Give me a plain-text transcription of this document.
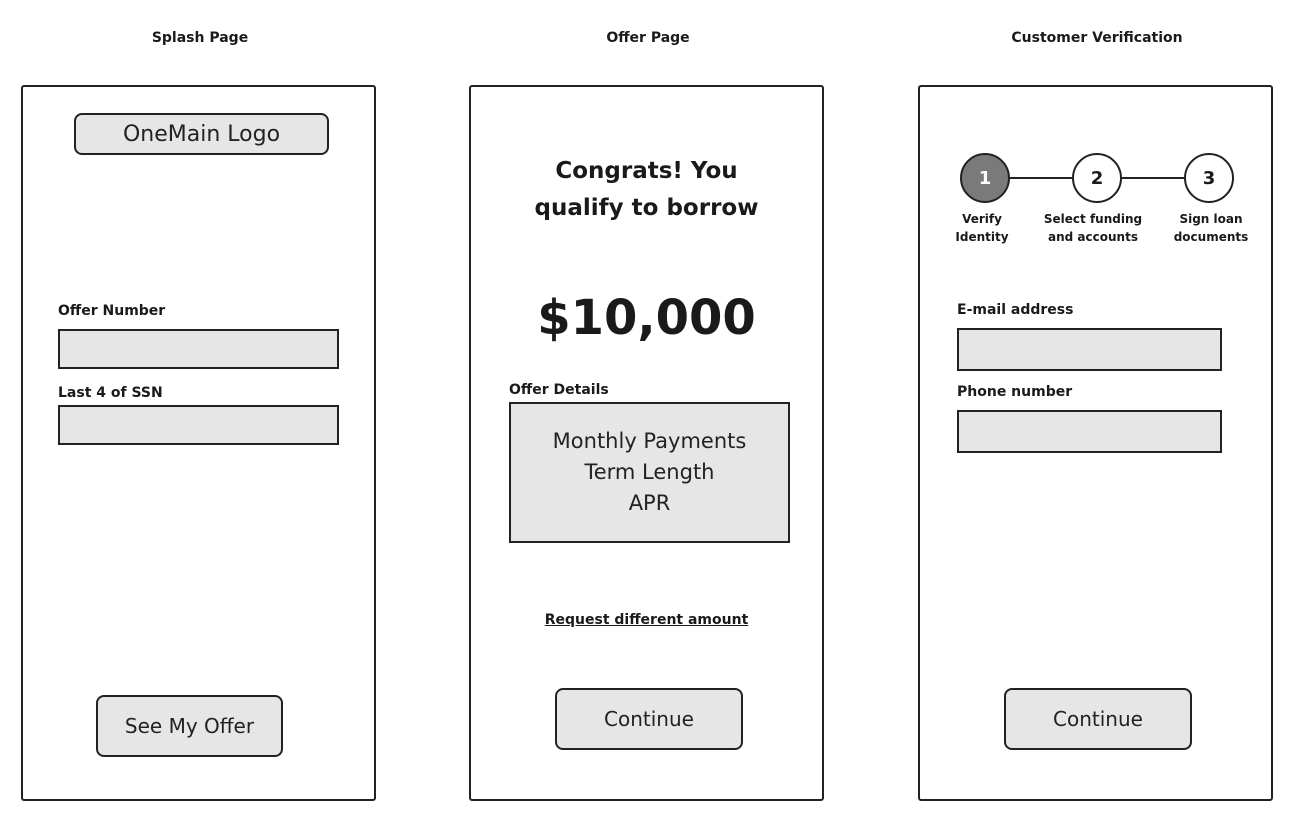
Splash Page	Offer Page	Customer Verification
OneMain Logo
Offer Number
Last 4 of SSN
See My Offer
Congrats! You
qualify to borrow
$10,000
Offer Details
Monthly Payments
Term Length
APR
Request different amount
Continue
1	2	3
Verify
Identity
Select funding
and accounts
Sign loan
documents
E-mail address
Phone number
Continue
